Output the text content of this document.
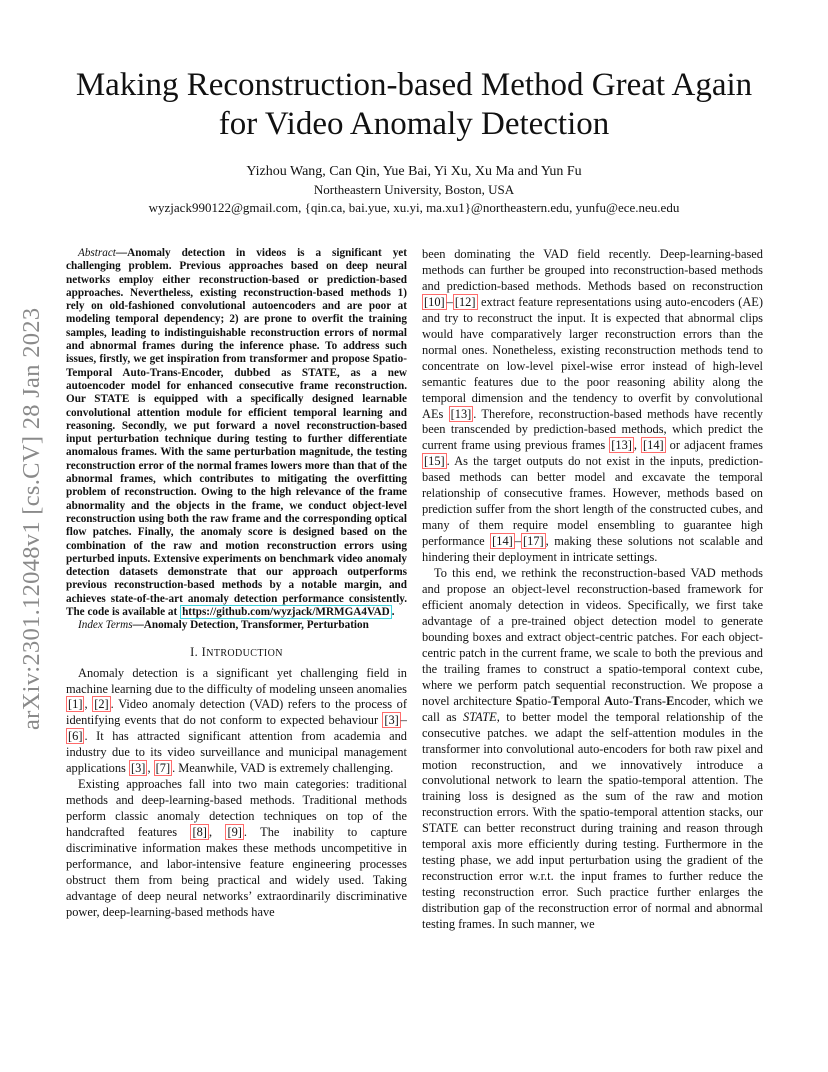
arXiv:2301.12048v1 [cs.CV] 28 Jan 2023
Making Reconstruction-based Method Great Again
for Video Anomaly Detection
Yizhou Wang, Can Qin, Yue Bai, Yi Xu, Xu Ma and Yun Fu
Northeastern University, Boston, USA
wyzjack990122@gmail.com, {qin.ca, bai.yue, xu.yi, ma.xu1}@northeastern.edu, yunfu@ece.neu.edu

Abstract—Anomaly detection in videos is a significant yet challenging problem. Previous approaches based on deep neural networks employ either reconstruction-based or prediction-based approaches. Nevertheless, existing reconstruction-based methods 1) rely on old-fashioned convolutional autoencoders and are poor at modeling temporal dependency; 2) are prone to overfit the training samples, leading to indistinguishable reconstruction errors of normal and abnormal frames during the inference phase. To address such issues, firstly, we get inspiration from transformer and propose Spatio-Temporal Auto-Trans-Encoder, dubbed as STATE, as a new autoencoder model for enhanced consecutive frame reconstruction. Our STATE is equipped with a specifically designed learnable convolutional attention module for efficient temporal learning and reasoning. Secondly, we put forward a novel reconstruction-based input perturbation technique during testing to further differentiate anomalous frames. With the same perturbation magnitude, the testing reconstruction error of the normal frames lowers more than that of the abnormal frames, which contributes to mitigating the overfitting problem of reconstruction. Owing to the high relevance of the frame abnormality and the objects in the frame, we conduct object-level reconstruction using both the raw frame and the corresponding optical flow patches. Finally, the anomaly score is designed based on the combination of the raw and motion reconstruction errors using perturbed inputs. Extensive experiments on benchmark video anomaly detection datasets demonstrate that our approach outperforms previous reconstruction-based methods by a notable margin, and achieves state-of-the-art anomaly detection performance consistently. The code is available at https://github.com/wyzjack/MRMGA4VAD .

Index Terms—Anomaly Detection, Transformer, Perturbation

I. INTRODUCTION

Anomaly detection is a significant yet challenging field in machine learning due to the difficulty of modeling unseen anomalies [1] , [2] . Video anomaly detection (VAD) refers to the process of identifying events that do not conform to expected behaviour [3] –[6] . It has attracted significant attention from academia and industry due to its video surveillance and municipal management applications [3] , [7] . Meanwhile, VAD is extremely challenging.

Existing approaches fall into two main categories: traditional methods and deep-learning-based methods. Traditional methods perform classic anomaly detection techniques on top of the handcrafted features [8] , [9] . The inability to capture discriminative information makes these methods uncompetitive in performance, and labor-intensive feature engineering processes obstruct them from being practical and widely used. Taking advantage of deep neural networks’ extraordinarily discriminative power, deep-learning-based methods have

been dominating the VAD field recently. Deep-learning-based methods can further be grouped into reconstruction-based methods and prediction-based methods. Methods based on reconstruction [10] – [12] extract feature representations using auto-encoders (AE) and try to reconstruct the input. It is expected that abnormal clips would have comparatively larger reconstruction errors than the normal ones. Nonetheless, existing reconstruction methods tend to concentrate on low-level pixel-wise error instead of high-level semantic features due to the poor reasoning ability along the temporal dimension and the tendency to overfit by convolutional AEs [13] . Therefore, reconstruction-based methods have recently been transcended by prediction-based methods, which predict the current frame using previous frames [13] , [14] or adjacent frames [15] . As the target outputs do not exist in the inputs, prediction-based methods can better model and excavate the temporal relationship of consecutive frames. However, methods based on prediction suffer from the short length of the constructed cubes, and many of them require model ensembling to guarantee high performance [14] – [17] , making these solutions not scalable and hindering their deployment in intricate settings.

To this end, we rethink the reconstruction-based VAD methods and propose an object-level reconstruction-based framework for efficient anomaly detection in videos. Specifically, we first take advantage of a pre-trained object detection model to generate bounding boxes and extract object-centric patches. For each object-centric patch in the current frame, we scale to both the previous and the trailing frames to construct a spatio-temporal context cube, where we perform patch sequential reconstruction. We propose a novel architecture Spatio-Temporal Auto-Trans-Encoder, which we call as STATE, to better model the temporal relationship of the consecutive patches. we adapt the self-attention modules in the transformer into convolutional auto-encoders for both raw pixel and motion reconstruction, and we innovatively introduce a convolutional network to learn the spatio-temporal attention. The training loss is designed as the sum of the raw and motion reconstruction errors. With the spatio-temporal attention stacks, our STATE can better reconstruct during training and reason through temporal axis more efficiently during testing. Furthermore in the testing phase, we add input perturbation using the gradient of the reconstruction error w.r.t. the input frames to further reduce the testing reconstruction error. Such practice further enlarges the distribution gap of the reconstruction error of normal and abnormal testing frames. In such manner, we
